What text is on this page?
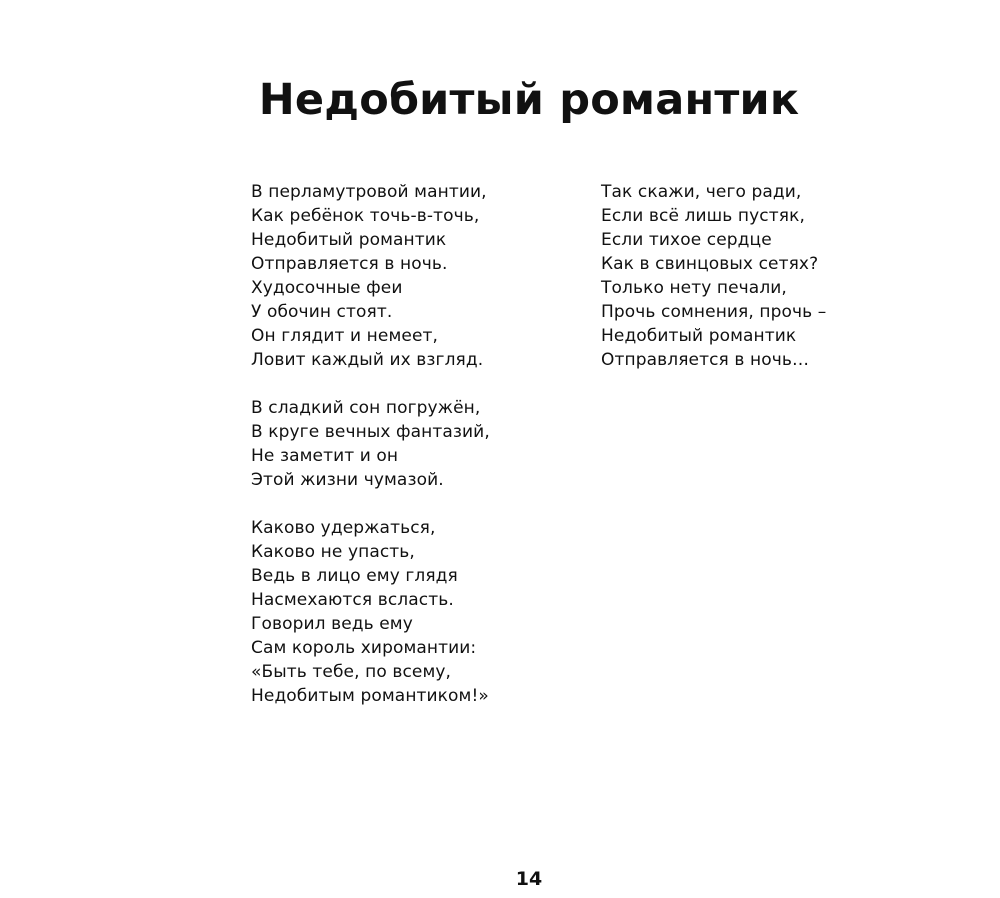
Недобитый романтик
В перламутровой мантии,
Как ребёнок точь-в-точь,
Недобитый романтик
Отправляется в ночь.
Худосочные феи
У обочин стоят.
Он глядит и немеет,
Ловит каждый их взгляд.
В сладкий сон погружён,
В круге вечных фантазий,
Не заметит и он
Этой жизни чумазой.
Каково удержаться,
Каково не упасть,
Ведь в лицо ему глядя
Насмехаются всласть.
Говорил ведь ему
Сам король хиромантии:
«Быть тебе, по всему,
Недобитым романтиком!»
Так скажи, чего ради,
Если всё лишь пустяк,
Если тихое сердце
Как в свинцовых сетях?
Только нету печали,
Прочь сомнения, прочь –
Недобитый романтик
Отправляется в ночь…
14
